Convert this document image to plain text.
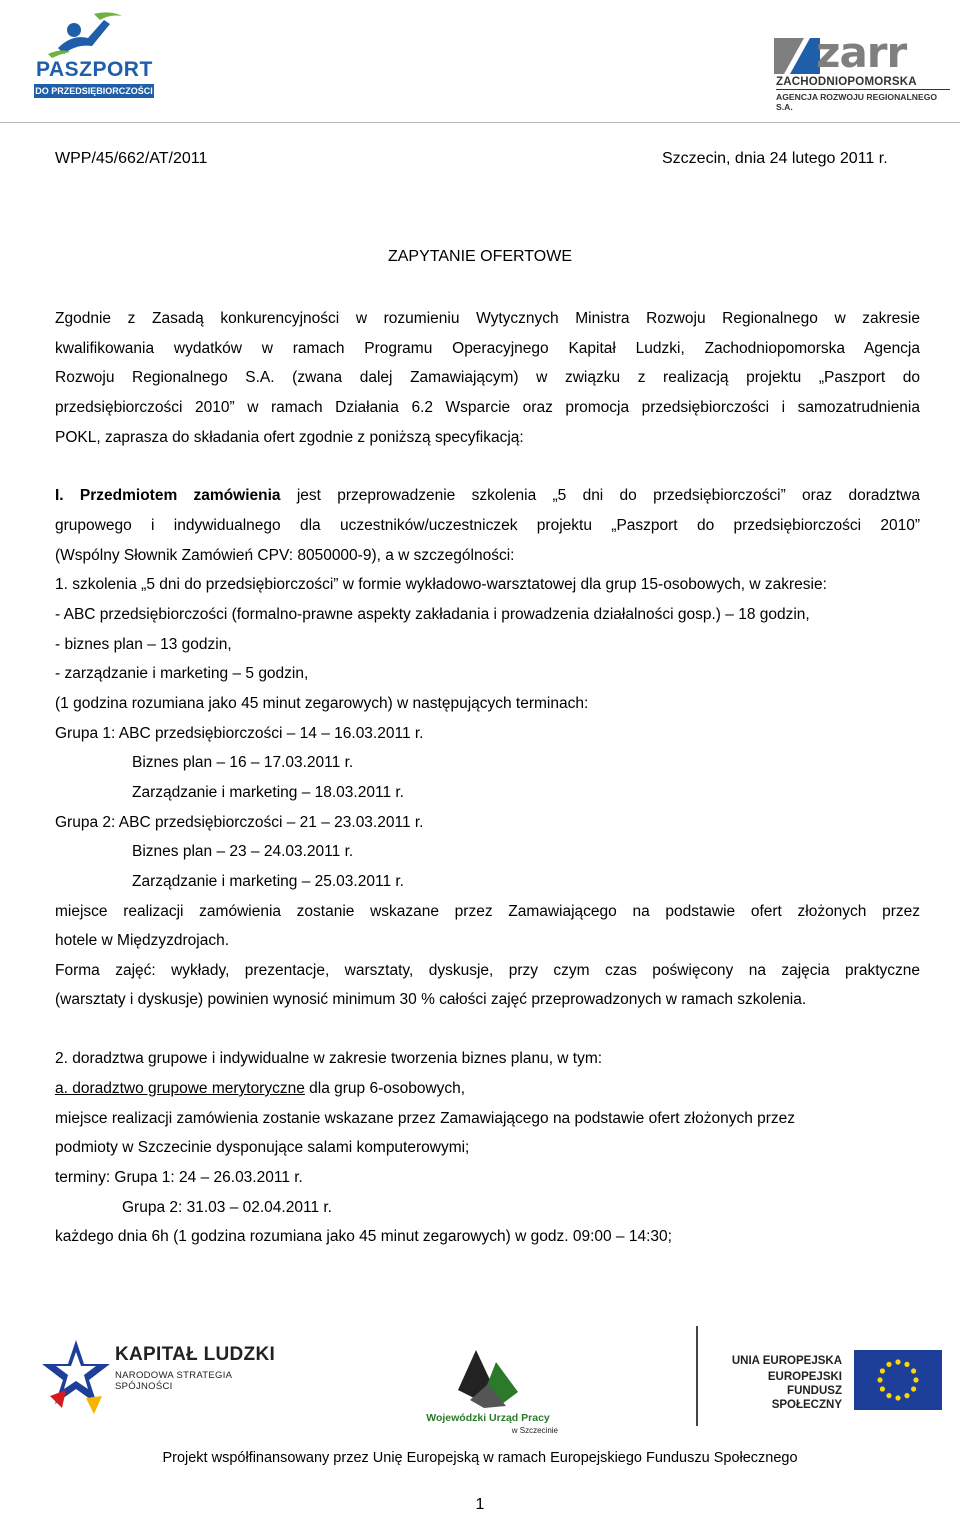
PASZPORT
DO PRZEDSIĘBIORCZOŚCI
zarr
ZACHODNIOPOMORSKA
AGENCJA ROZWOJU REGIONALNEGO S.A.
WPP/45/662/AT/2011	Szczecin, dnia 24 lutego 2011 r.
ZAPYTANIE OFERTOWE
Zgodnie z Zasadą konkurencyjności w rozumieniu Wytycznych Ministra Rozwoju Regionalnego w zakresie
kwalifikowania wydatków w ramach Programu Operacyjnego Kapitał Ludzki, Zachodniopomorska Agencja
Rozwoju Regionalnego S.A. (zwana dalej Zamawiającym) w związku z realizacją projektu „Paszport do
przedsiębiorczości 2010” w ramach Działania 6.2 Wsparcie oraz promocja przedsiębiorczości i samozatrudnienia
POKL, zaprasza do składania ofert zgodnie z poniższą specyfikacją:
I. Przedmiotem zamówienia jest przeprowadzenie szkolenia „5 dni do przedsiębiorczości” oraz doradztwa
grupowego i indywidualnego dla uczestników/uczestniczek projektu „Paszport do przedsiębiorczości 2010”
(Wspólny Słownik Zamówień CPV: 8050000-9), a w szczególności:
1. szkolenia „5 dni do przedsiębiorczości” w formie wykładowo-warsztatowej dla grup 15-osobowych, w zakresie:
- ABC przedsiębiorczości (formalno-prawne aspekty zakładania i prowadzenia działalności gosp.) – 18 godzin,
- biznes plan – 13 godzin,
- zarządzanie i marketing – 5 godzin,
(1 godzina rozumiana jako 45 minut zegarowych) w następujących terminach:
Grupa 1: ABC przedsiębiorczości – 14 – 16.03.2011 r.
Biznes plan – 16 – 17.03.2011 r.
Zarządzanie i marketing – 18.03.2011 r.
Grupa 2: ABC przedsiębiorczości – 21 – 23.03.2011 r.
Biznes plan – 23 – 24.03.2011 r.
Zarządzanie i marketing – 25.03.2011 r.
miejsce realizacji zamówienia zostanie wskazane przez Zamawiającego na podstawie ofert złożonych przez
hotele w Międzyzdrojach.
Forma zajęć: wykłady, prezentacje, warsztaty, dyskusje, przy czym czas poświęcony na zajęcia praktyczne
(warsztaty i dyskusje) powinien wynosić minimum 30 % całości zajęć przeprowadzonych w ramach szkolenia.
2. doradztwa grupowe i indywidualne w zakresie tworzenia biznes planu, w tym:
a. doradztwo grupowe merytoryczne dla grup 6-osobowych,
miejsce realizacji zamówienia zostanie wskazane przez Zamawiającego na podstawie ofert złożonych przez
podmioty w Szczecinie dysponujące salami komputerowymi;
terminy: Grupa 1: 24 – 26.03.2011 r.
Grupa 2: 31.03 – 02.04.2011 r.
każdego dnia 6h (1 godzina rozumiana jako 45 minut zegarowych) w godz. 09:00 – 14:30;
KAPITAŁ LUDZKI
NARODOWA STRATEGIA SPÓJNOŚCI
Wojewódzki Urząd Pracy
w Szczecinie
UNIA EUROPEJSKA
EUROPEJSKI
FUNDUSZ SPOŁECZNY
Projekt współfinansowany przez Unię Europejską w ramach Europejskiego Funduszu Społecznego
1
